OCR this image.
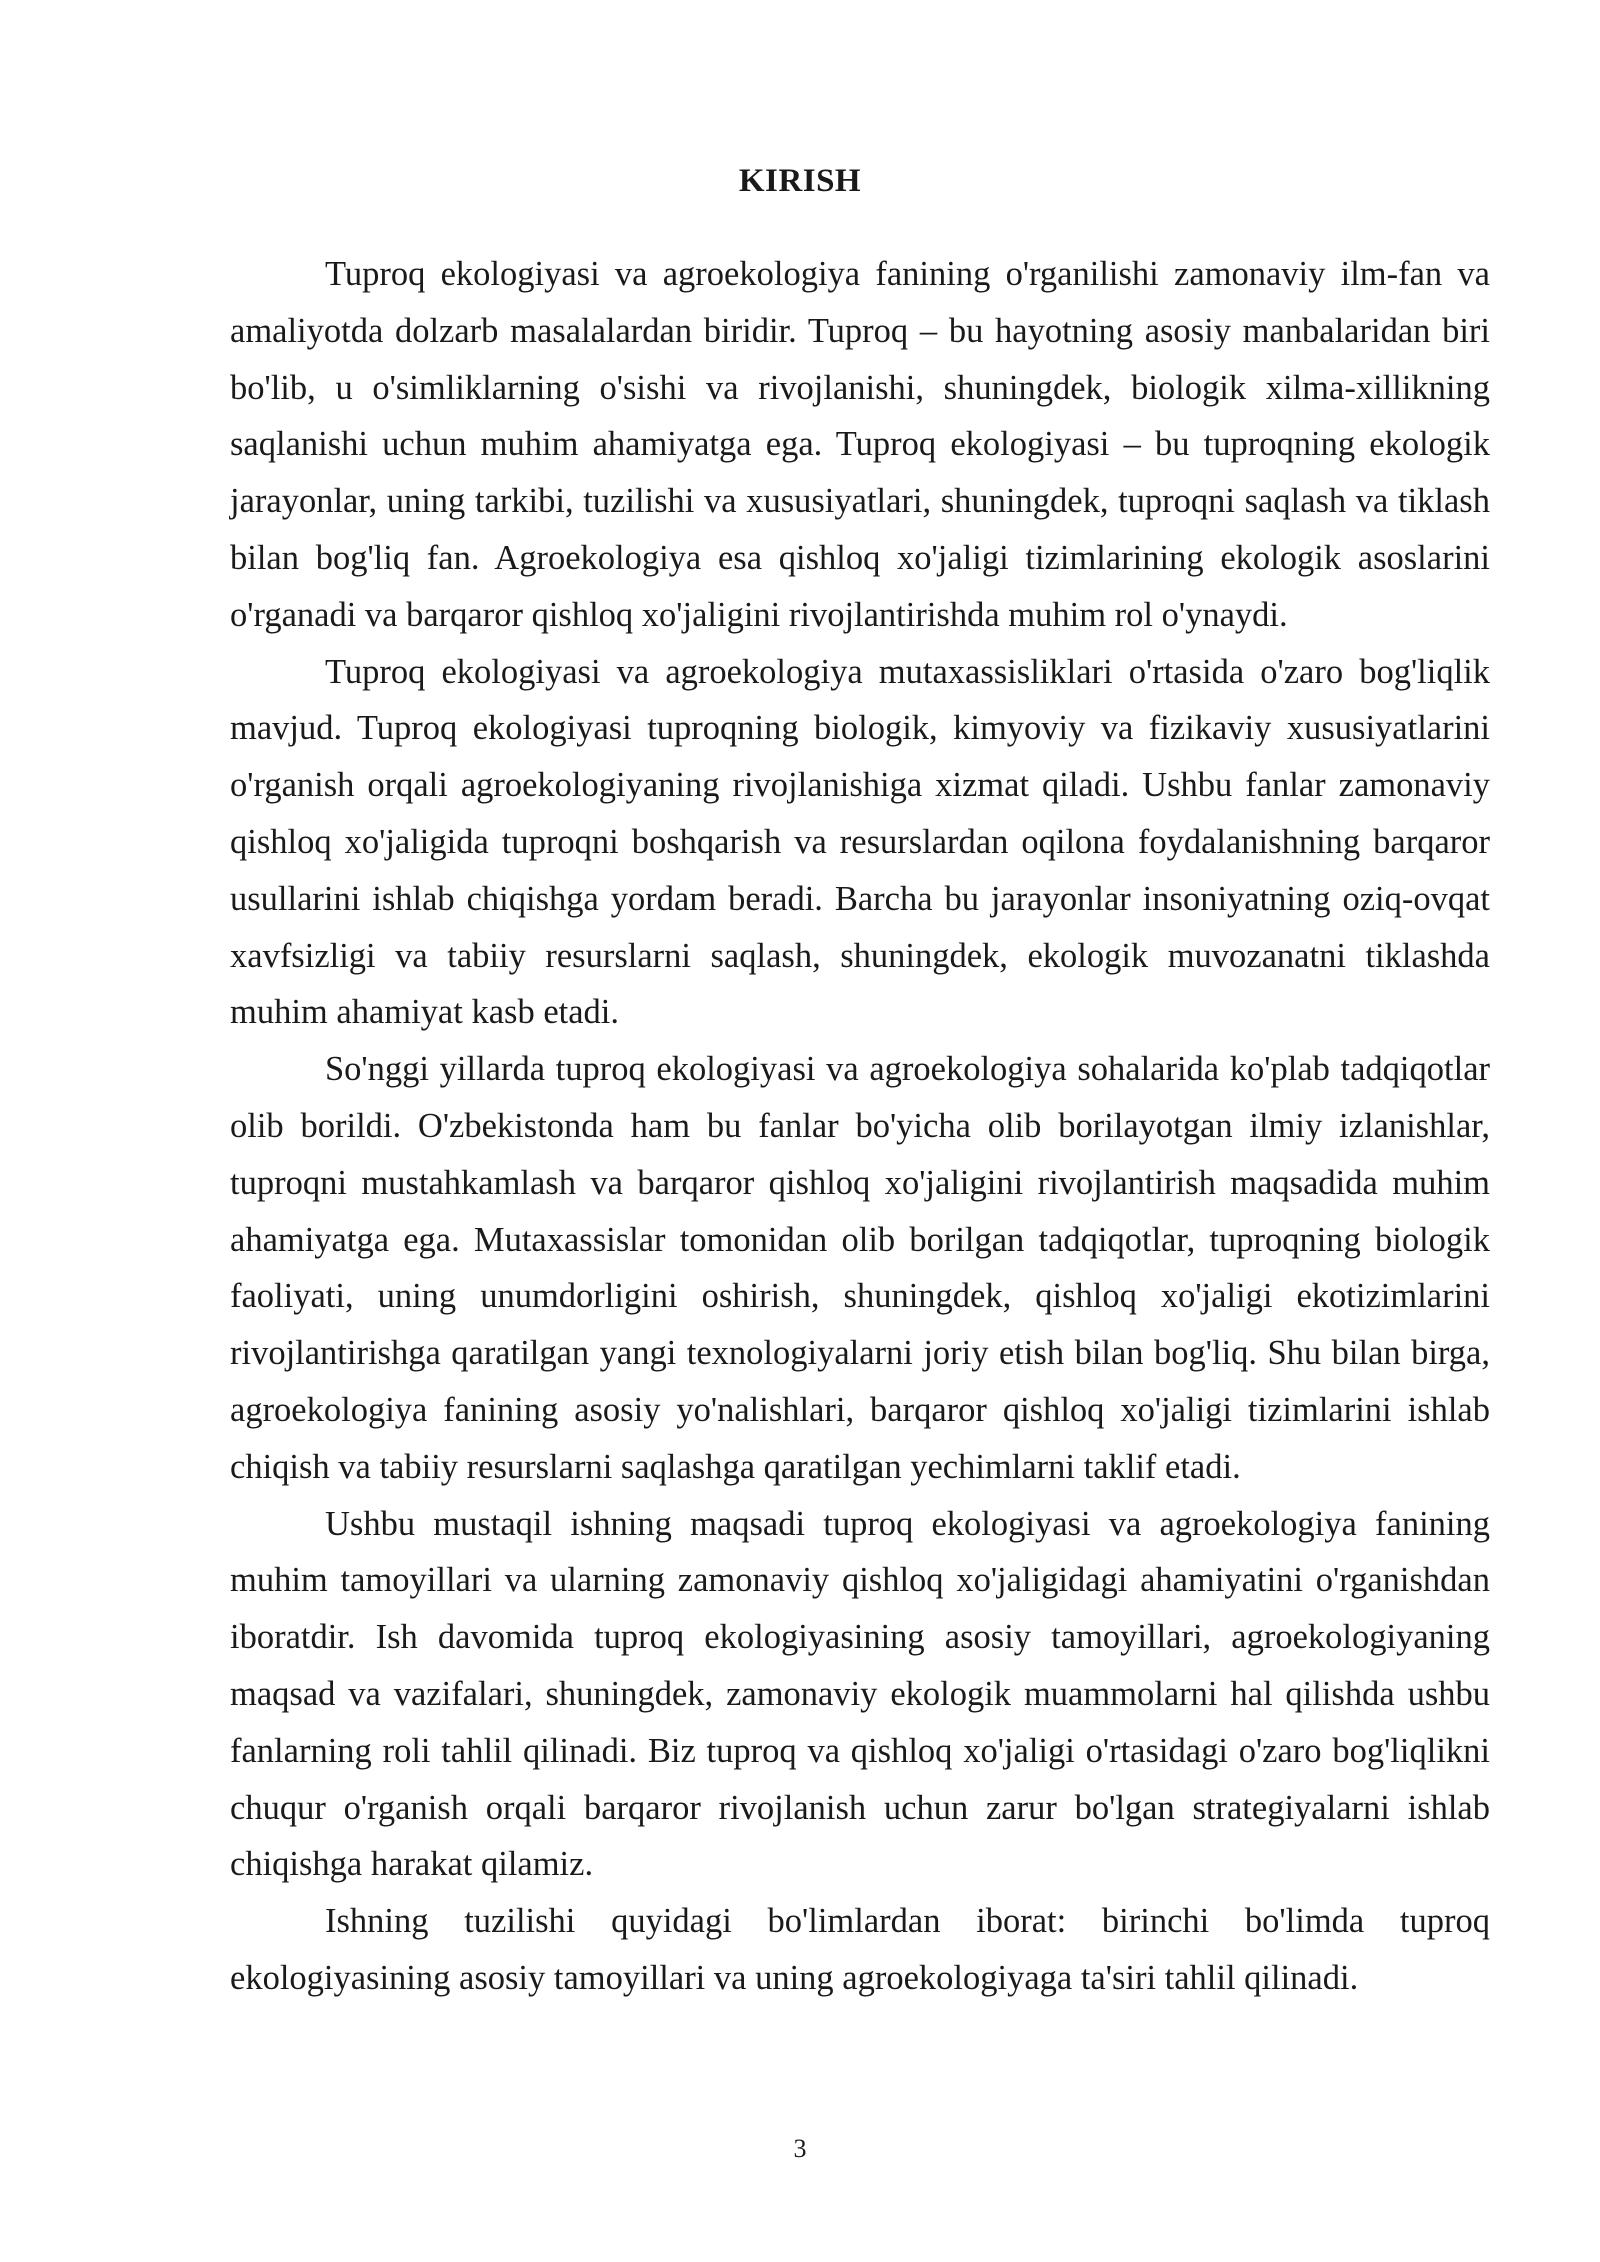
KIRISH

Tuproq ekologiyasi va agroekologiya fanining o'rganilishi zamonaviy ilm-fan va amaliyotda dolzarb masalalardan biridir. Tuproq – bu hayotning asosiy manbalaridan biri bo'lib, u o'simliklarning o'sishi va rivojlanishi, shuningdek, biologik xilma-xillikning saqlanishi uchun muhim ahamiyatga ega. Tuproq ekologiyasi – bu tuproqning ekologik jarayonlar, uning tarkibi, tuzilishi va xususiyatlari, shuningdek, tuproqni saqlash va tiklash bilan bog'liq fan. Agroekologiya esa qishloq xo'jaligi tizimlarining ekologik asoslarini o'rganadi va barqaror qishloq xo'jaligini rivojlantirishda muhim rol o'ynaydi.

Tuproq ekologiyasi va agroekologiya mutaxassisliklari o'rtasida o'zaro bog'liqlik mavjud. Tuproq ekologiyasi tuproqning biologik, kimyoviy va fizikaviy xususiyatlarini o'rganish orqali agroekologiyaning rivojlanishiga xizmat qiladi. Ushbu fanlar zamonaviy qishloq xo'jaligida tuproqni boshqarish va resurslardan oqilona foydalanishning barqaror usullarini ishlab chiqishga yordam beradi. Barcha bu jarayonlar insoniyatning oziq-ovqat xavfsizligi va tabiiy resurslarni saqlash, shuningdek, ekologik muvozanatni tiklashda muhim ahamiyat kasb etadi.

So'nggi yillarda tuproq ekologiyasi va agroekologiya sohalarida ko'plab tadqiqotlar olib borildi. O'zbekistonda ham bu fanlar bo'yicha olib borilayotgan ilmiy izlanishlar, tuproqni mustahkamlash va barqaror qishloq xo'jaligini rivojlantirish maqsadida muhim ahamiyatga ega. Mutaxassislar tomonidan olib borilgan tadqiqotlar, tuproqning biologik faoliyati, uning unumdorligini oshirish, shuningdek, qishloq xo'jaligi ekotizimlarini rivojlantirishga qaratilgan yangi texnologiyalarni joriy etish bilan bog'liq. Shu bilan birga, agroekologiya fanining asosiy yo'nalishlari, barqaror qishloq xo'jaligi tizimlarini ishlab chiqish va tabiiy resurslarni saqlashga qaratilgan yechimlarni taklif etadi.

Ushbu mustaqil ishning maqsadi tuproq ekologiyasi va agroekologiya fanining muhim tamoyillari va ularning zamonaviy qishloq xo'jaligidagi ahamiyatini o'rganishdan iboratdir. Ish davomida tuproq ekologiyasining asosiy tamoyillari, agroekologiyaning maqsad va vazifalari, shuningdek, zamonaviy ekologik muammolarni hal qilishda ushbu fanlarning roli tahlil qilinadi. Biz tuproq va qishloq xo'jaligi o'rtasidagi o'zaro bog'liqlikni chuqur o'rganish orqali barqaror rivojlanish uchun zarur bo'lgan strategiyalarni ishlab chiqishga harakat qilamiz.

Ishning tuzilishi quyidagi bo'limlardan iborat: birinchi bo'limda tuproq ekologiyasining asosiy tamoyillari va uning agroekologiyaga ta'siri tahlil qilinadi.

3
